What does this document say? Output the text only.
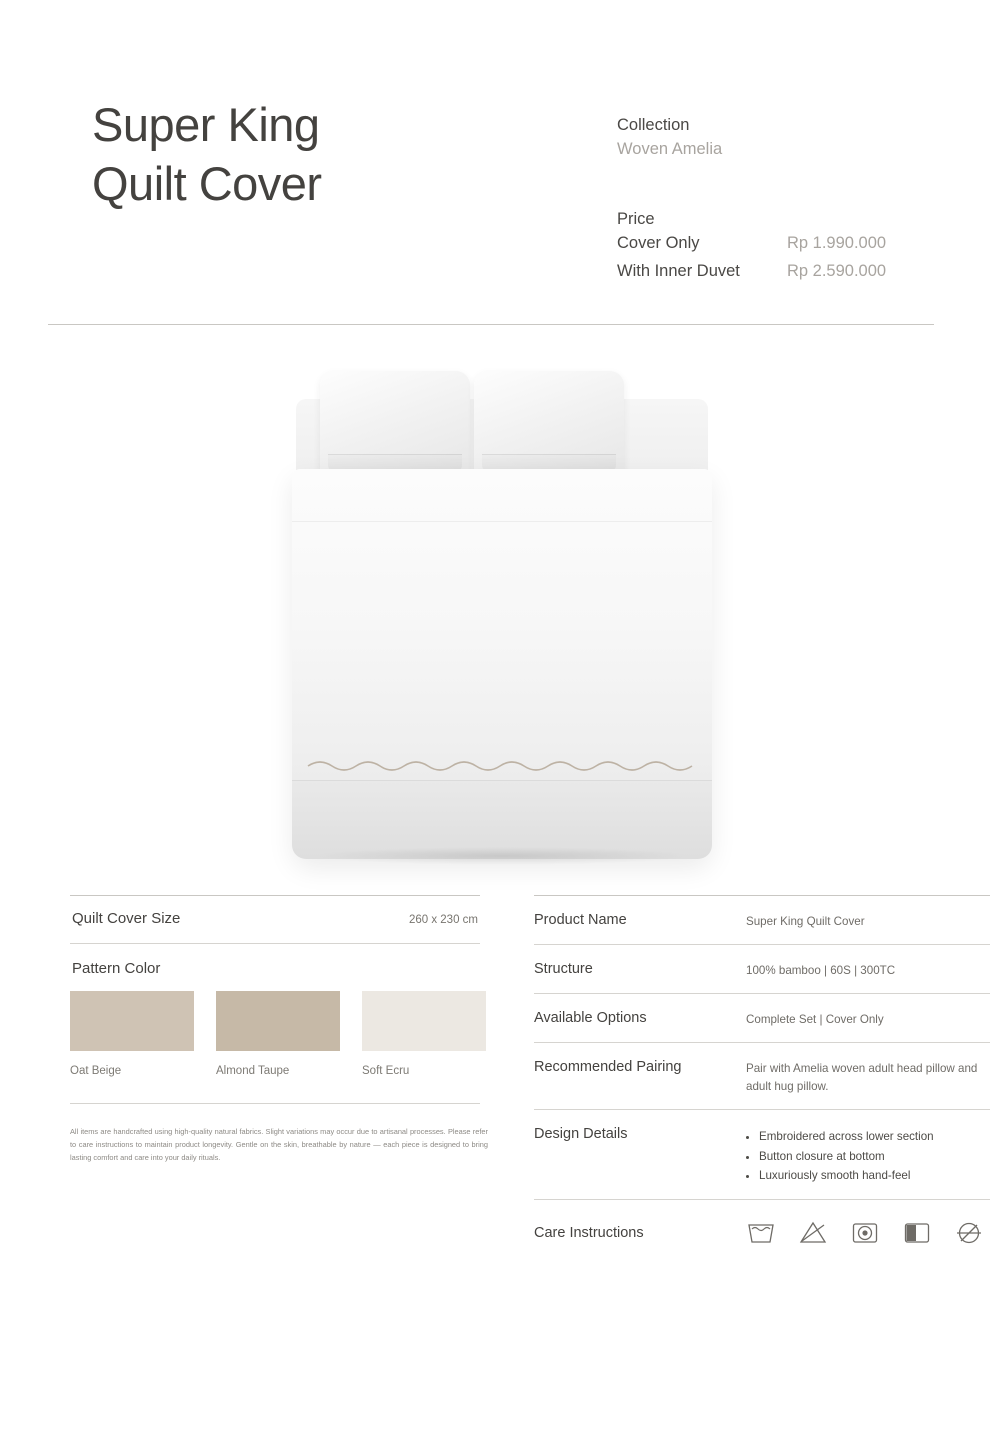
Super King
Quilt Cover
Collection
Woven Amelia
Price
Cover Only	Rp 1.990.000
With Inner Duvet	Rp 2.590.000
Quilt Cover Size	260 x 230 cm
Pattern Color
Oat Beige	Almond Taupe	Soft Ecru
All items are handcrafted using high-quality natural fabrics. Slight variations may occur due to artisanal processes. Please refer to care instructions to maintain product longevity. Gentle on the skin, breathable by nature — each piece is designed to bring lasting comfort and care into your daily rituals.
Product Name	Super King Quilt Cover
Structure	100% bamboo | 60S | 300TC
Available Options	Complete Set | Cover Only
Recommended Pairing	Pair with Amelia woven adult head pillow and adult hug pillow.
Design Details	• Embroidered across lower section
• Button closure at bottom
• Luxuriously smooth hand-feel
Care Instructions
